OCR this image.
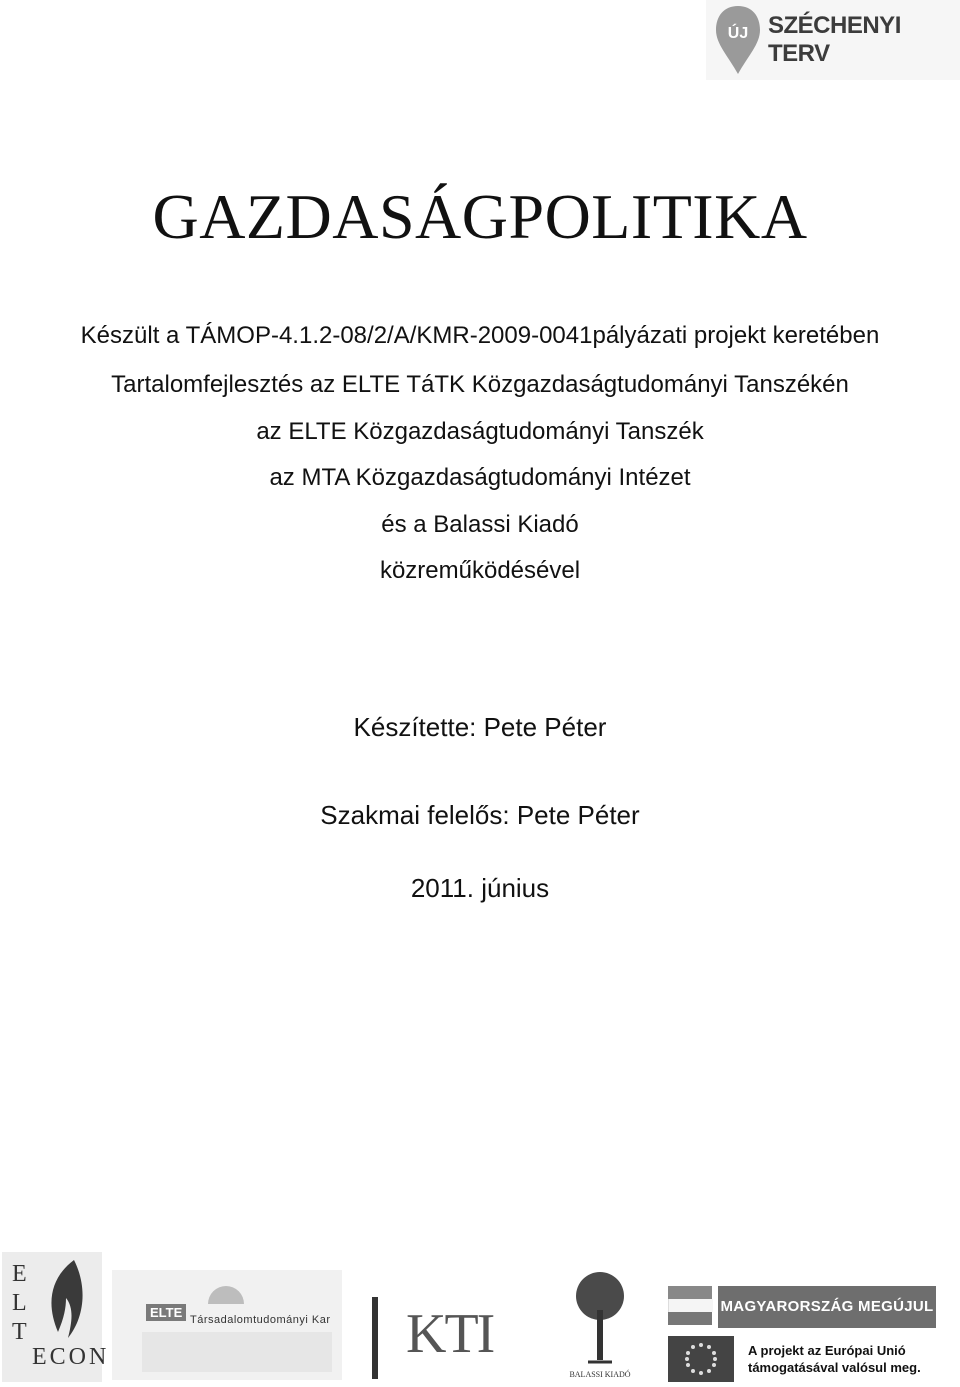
ÚJ SZÉCHENYI TERV
GAZDASÁGPOLITIKA
Készült a TÁMOP-4.1.2-08/2/A/KMR-2009-0041pályázati projekt keretében
Tartalomfejlesztés az ELTE TáTK Közgazdaságtudományi Tanszékén
az ELTE Közgazdaságtudományi Tanszék
az MTA Közgazdaságtudományi Intézet
és a Balassi Kiadó
közreműködésével
Készítette: Pete Péter
Szakmai felelős: Pete Péter
2011. június
E
L
T
ECON
ELTE Társadalomtudományi Kar KTI
BALASSI KIADÓ
MAGYARORSZÁG MEGÚJUL
A projekt az Európai Unió
támogatásával valósul meg.
